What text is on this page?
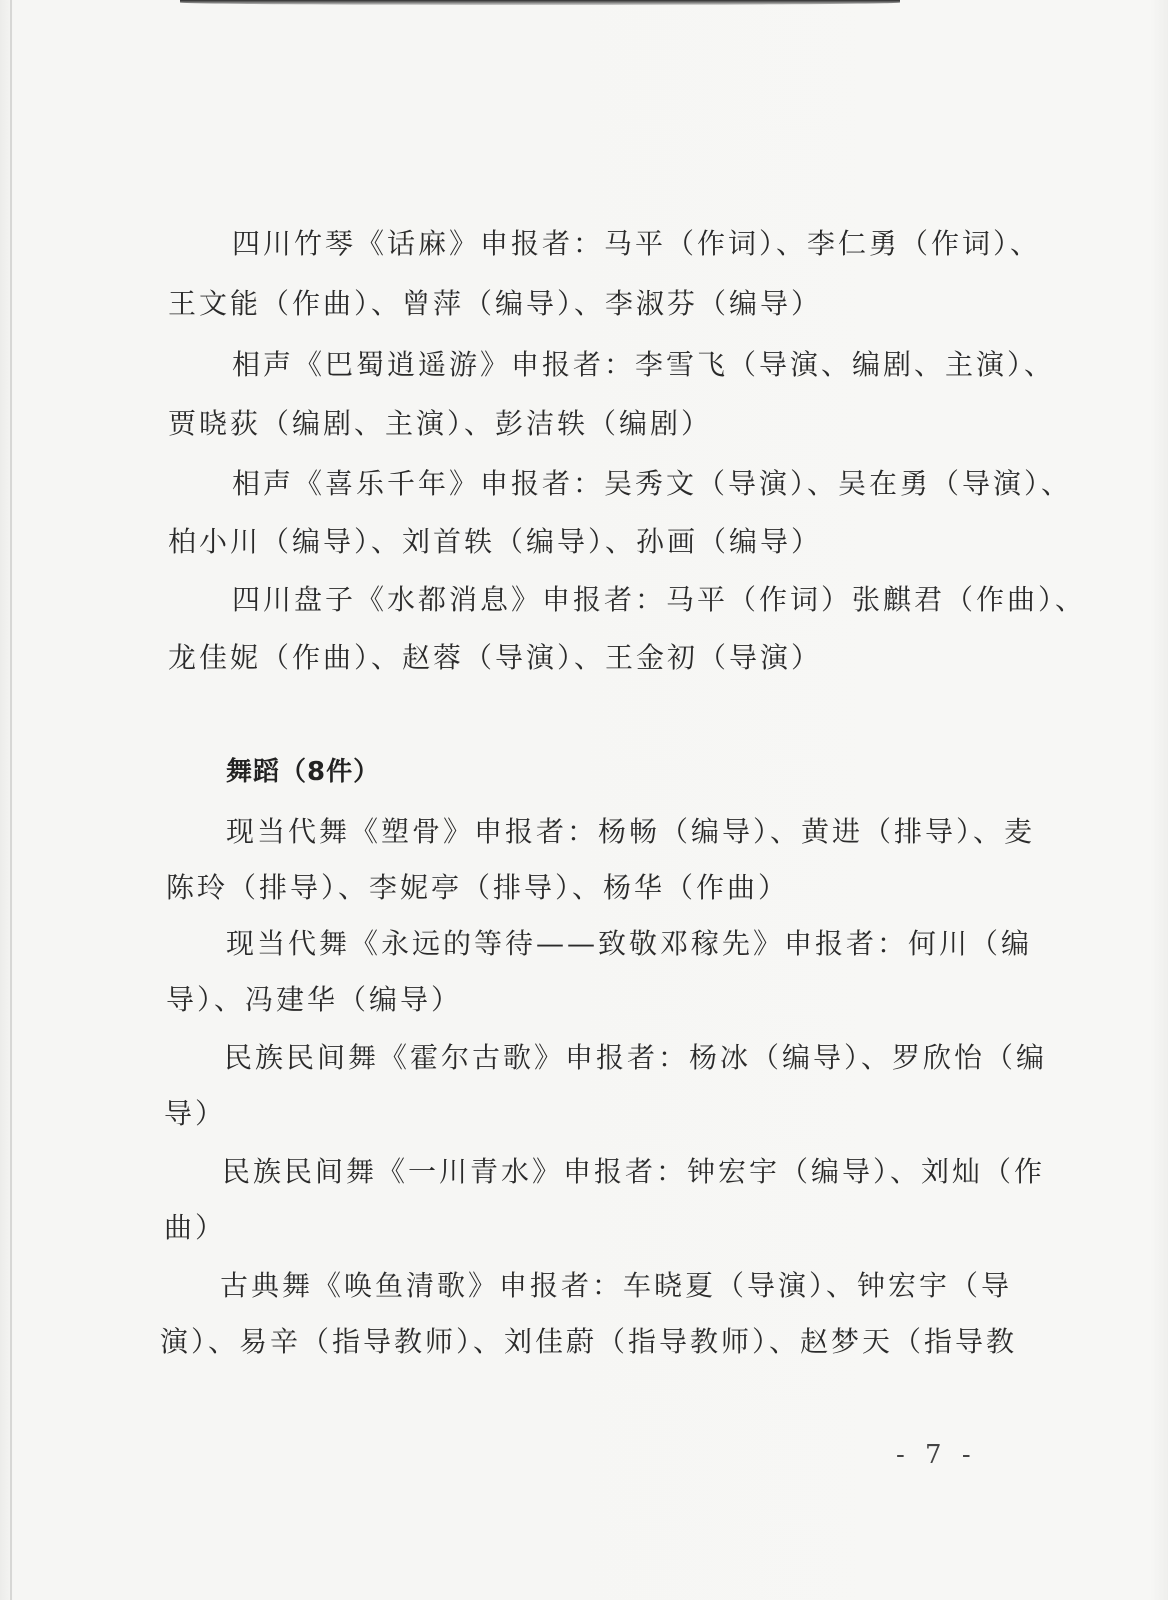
四川竹琴《话麻》申报者：马平（作词）、李仁勇（作词）、
王文能（作曲）、曾萍（编导）、李淑芬（编导）
相声《巴蜀逍遥游》申报者：李雪飞（导演、编剧、主演）、
贾晓荻（编剧、主演）、彭洁轶（编剧）
相声《喜乐千年》申报者：吴秀文（导演）、吴在勇（导演）、
柏小川（编导）、刘首轶（编导）、孙画（编导）
四川盘子《水都消息》申报者：马平（作词）张麒君（作曲）、
龙佳妮（作曲）、赵蓉（导演）、王金初（导演）
舞蹈（8件）
现当代舞《塑骨》申报者：杨畅（编导）、黄进（排导）、麦
陈玲（排导）、李妮亭（排导）、杨华（作曲）
现当代舞《永远的等待——致敬邓稼先》申报者：何川（编
导）、冯建华（编导）
民族民间舞《霍尔古歌》申报者：杨冰（编导）、罗欣怡（编
导）
民族民间舞《一川青水》申报者：钟宏宇（编导）、刘灿（作
曲）
古典舞《唤鱼清歌》申报者：车晓夏（导演）、钟宏宇（导
演）、易辛（指导教师）、刘佳蔚（指导教师）、赵梦天（指导教
- 7 -
